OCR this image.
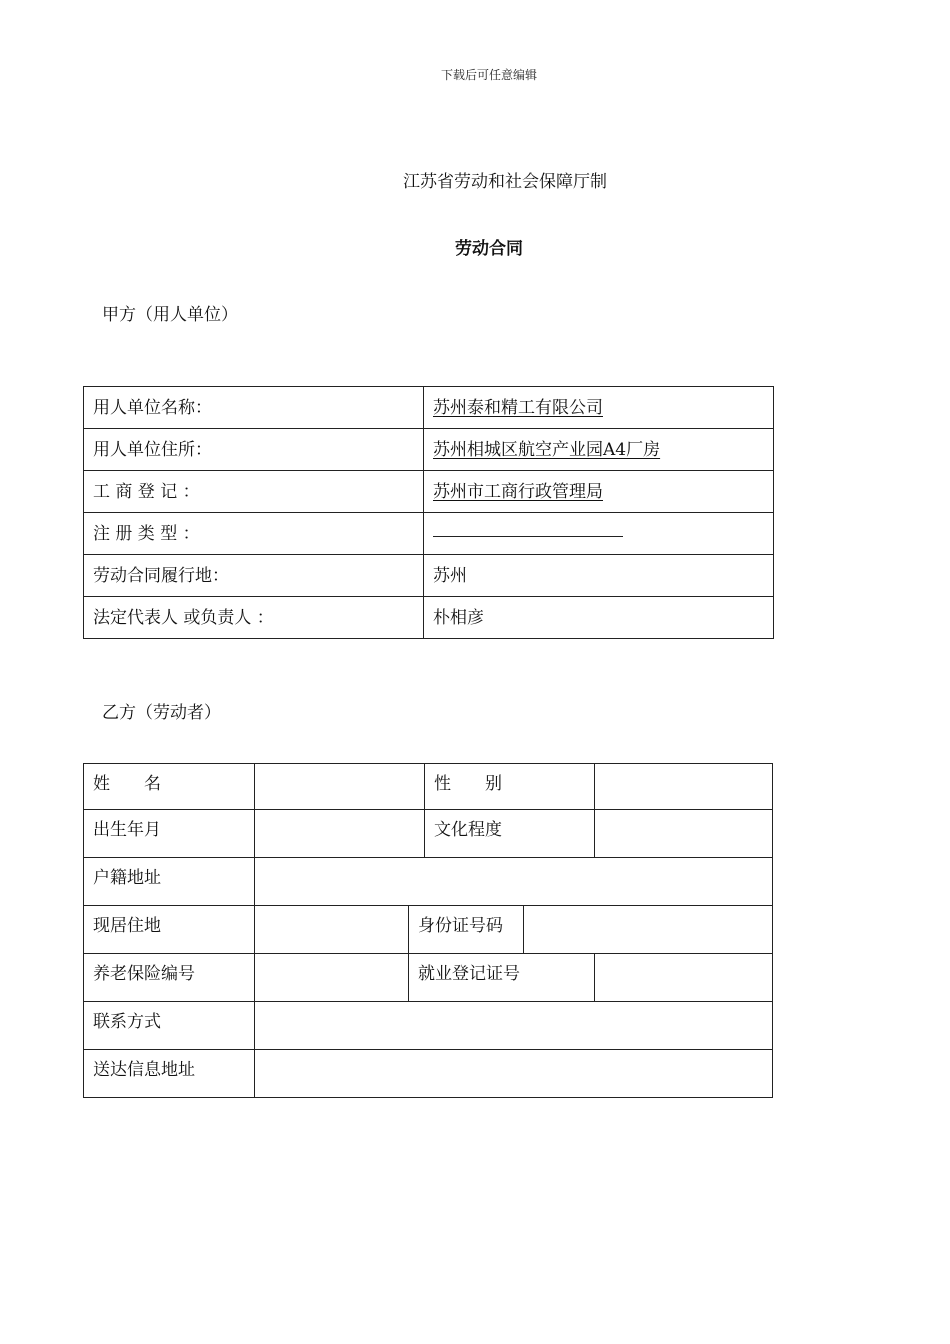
下载后可任意编辑
江苏省劳动和社会保障厅制
劳动合同
甲方（用人单位）
用人单位名称：	苏州泰和精工有限公司
用人单位住所：	苏州相城区航空产业园A4厂房
工 商 登 记 ：	苏州市工商行政管理局
注 册 类 型 ：	
劳动合同履行地：	苏州
法定代表人 或负责人 ：	朴相彦
乙方（劳动者）
姓　　名	性　　别
出生年月	文化程度
户籍地址
现居住地	身份证号码
养老保险编号	就业登记证号
联系方式
送达信息地址
